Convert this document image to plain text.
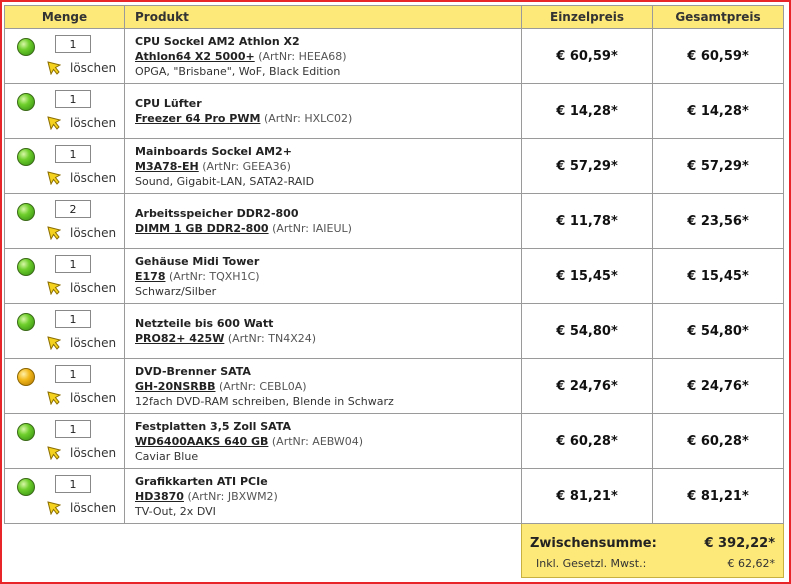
Menge	Produkt	Einzelpreis	Gesamtpreis

1
löschen	CPU Sockel AM2 Athlon X2
Athlon64 X2 5000+ (ArtNr: HEEA68)
OPGA, "Brisbane", WoF, Black Edition	€ 60,59*	€ 60,59*

1
löschen	CPU Lüfter
Freezer 64 Pro PWM (ArtNr: HXLC02)	€ 14,28*	€ 14,28*

1
löschen	Mainboards Sockel AM2+
M3A78-EH (ArtNr: GEEA36)
Sound, Gigabit-LAN, SATA2-RAID	€ 57,29*	€ 57,29*

2
löschen	Arbeitsspeicher DDR2-800
DIMM 1 GB DDR2-800 (ArtNr: IAIEUL)	€ 11,78*	€ 23,56*

1
löschen	Gehäuse Midi Tower
E178 (ArtNr: TQXH1C)
Schwarz/Silber	€ 15,45*	€ 15,45*

1
löschen	Netzteile bis 600 Watt
PRO82+ 425W (ArtNr: TN4X24)	€ 54,80*	€ 54,80*

1
löschen	DVD-Brenner SATA
GH-20NSRBB (ArtNr: CEBL0A)
12fach DVD-RAM schreiben, Blende in Schwarz	€ 24,76*	€ 24,76*

1
löschen	Festplatten 3,5 Zoll SATA
WD6400AAKS 640 GB (ArtNr: AEBW04)
Caviar Blue	€ 60,28*	€ 60,28*

1
löschen	Grafikkarten ATI PCIe
HD3870 (ArtNr: JBXWM2)
TV-Out, 2x DVI	€ 81,21*	€ 81,21*

		Zwischensumme: € 392,22*
Inkl. Gesetzl. Mwst.: € 62,62*	
